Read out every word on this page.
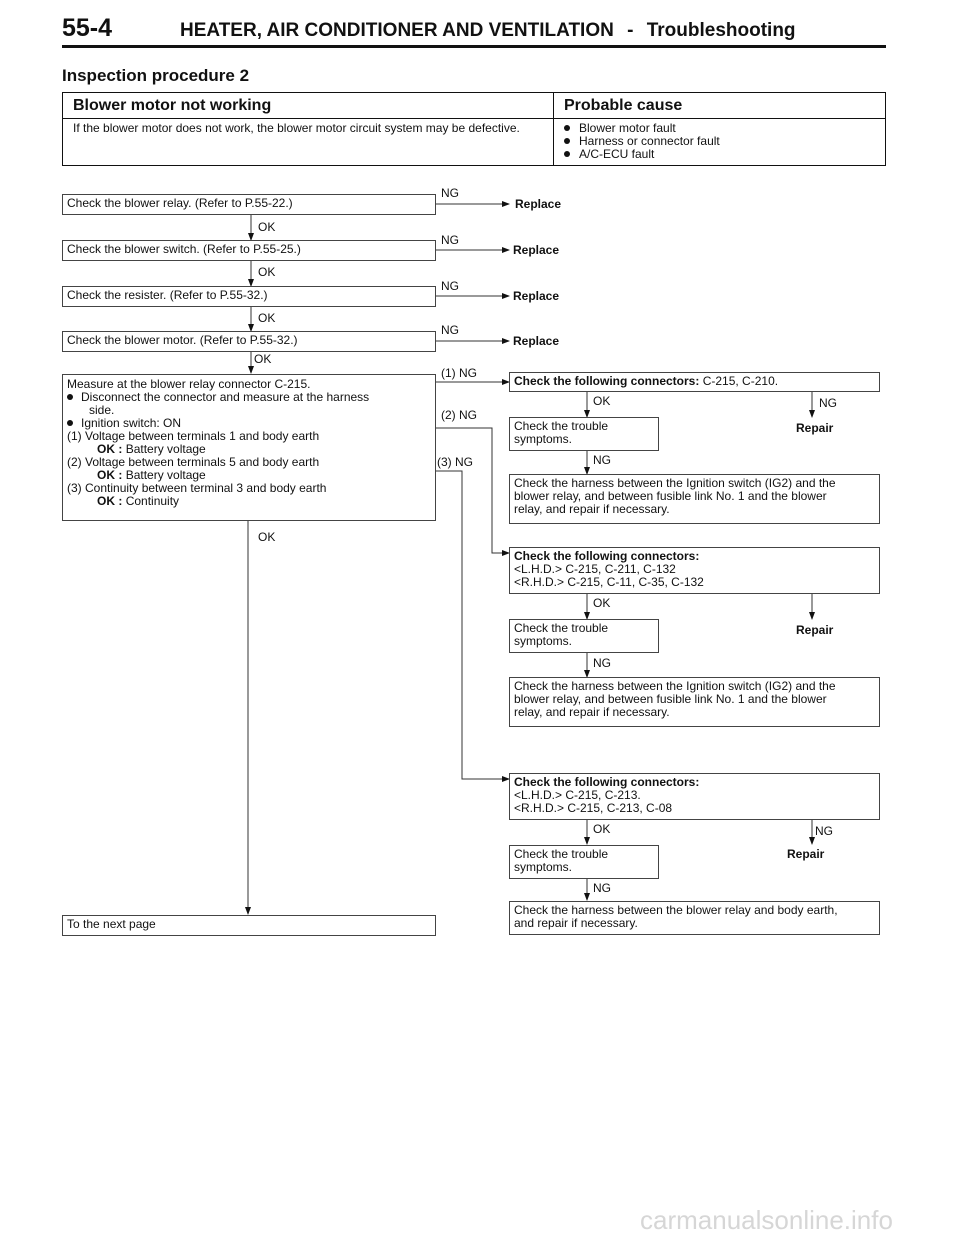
55-4	HEATER, AIR CONDITIONER AND VENTILATION - Troubleshooting
Inspection procedure 2
Blower motor not working	Probable cause
If the blower motor does not work, the blower motor circuit system may be defective.	Blower motor fault
Harness or connector fault
A/C-ECU fault
Check the blower relay. (Refer to P.55-22.)
Check the blower switch. (Refer to P.55-25.)
Check the resister. (Refer to P.55-32.)
Check the blower motor. (Refer to P.55-32.)
NG
Replace
NG
Replace
NG
Replace
NG
Replace
OK
OK
OK
OK
OK
Measure at the blower relay connector C-215.
Disconnect the connector and measure at the harness
side.
Ignition switch: ON
(1) Voltage between terminals 1 and body earth
OK : Battery voltage
(2) Voltage between terminals 5 and body earth
OK : Battery voltage
(3) Continuity between terminal 3 and body earth
OK : Continuity
(1) NG
(2) NG
(3) NG
Check the following connectors: C-215, C-210.
OK	NG
Check the trouble
symptoms.
Repair
NG
Check the harness between the Ignition switch (IG2) and the
blower relay, and between fusible link No. 1 and the blower
relay, and repair if necessary.
Check the following connectors:
<L.H.D.> C-215, C-211, C-132
<R.H.D.> C-215, C-11, C-35, C-132
OK
Check the trouble
symptoms.
Repair
NG
Check the harness between the Ignition switch (IG2) and the
blower relay, and between fusible link No. 1 and the blower
relay, and repair if necessary.
Check the following connectors:
<L.H.D.> C-215, C-213.
<R.H.D.> C-215, C-213, C-08
OK	NG
Check the trouble
symptoms.
Repair
NG
Check the harness between the blower relay and body earth,
and repair if necessary.
To the next page
carmanualsonline.info
